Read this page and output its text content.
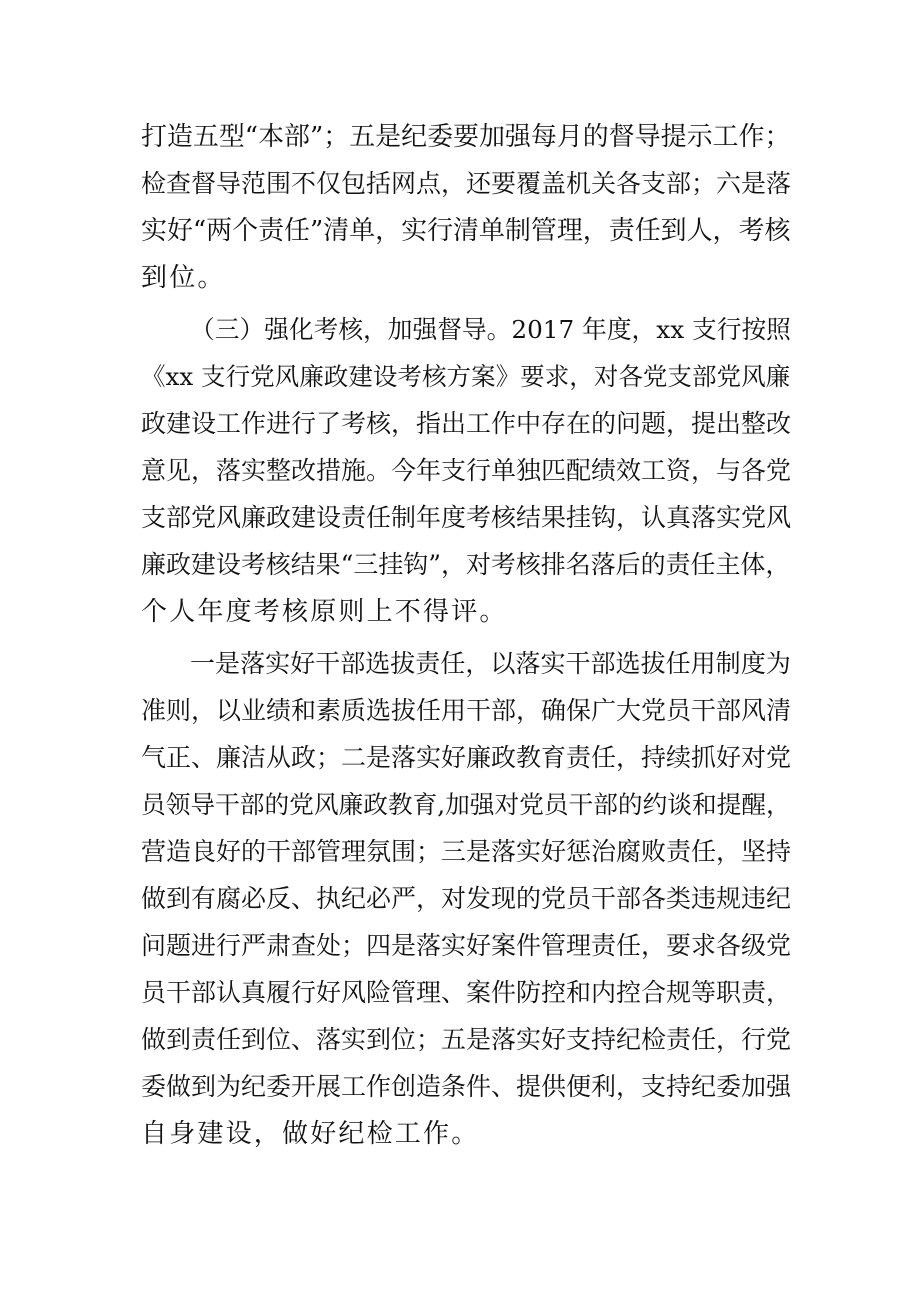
打造五型“本部”；五是纪委要加强每月的督导提示工作；
检查督导范围不仅包括网点，还要覆盖机关各支部；六是落
实好“两个责任”清单，实行清单制管理，责任到人，考核
到位。
（三）强化考核，加强督导。2017 年度，xx 支行按照
《xx 支行党风廉政建设考核方案》要求，对各党支部党风廉
政建设工作进行了考核，指出工作中存在的问题，提出整改
意见，落实整改措施。今年支行单独匹配绩效工资，与各党
支部党风廉政建设责任制年度考核结果挂钩，认真落实党风
廉政建设考核结果“三挂钩”，对考核排名落后的责任主体，
个人年度考核原则上不得评。
一是落实好干部选拔责任，以落实干部选拔任用制度为
准则，以业绩和素质选拔任用干部，确保广大党员干部风清
气正、廉洁从政；二是落实好廉政教育责任，持续抓好对党
员领导干部的党风廉政教育,加强对党员干部的约谈和提醒，
营造良好的干部管理氛围；三是落实好惩治腐败责任，坚持
做到有腐必反、执纪必严，对发现的党员干部各类违规违纪
问题进行严肃查处；四是落实好案件管理责任，要求各级党
员干部认真履行好风险管理、案件防控和内控合规等职责，
做到责任到位、落实到位；五是落实好支持纪检责任，行党
委做到为纪委开展工作创造条件、提供便利，支持纪委加强
自身建设，做好纪检工作。
